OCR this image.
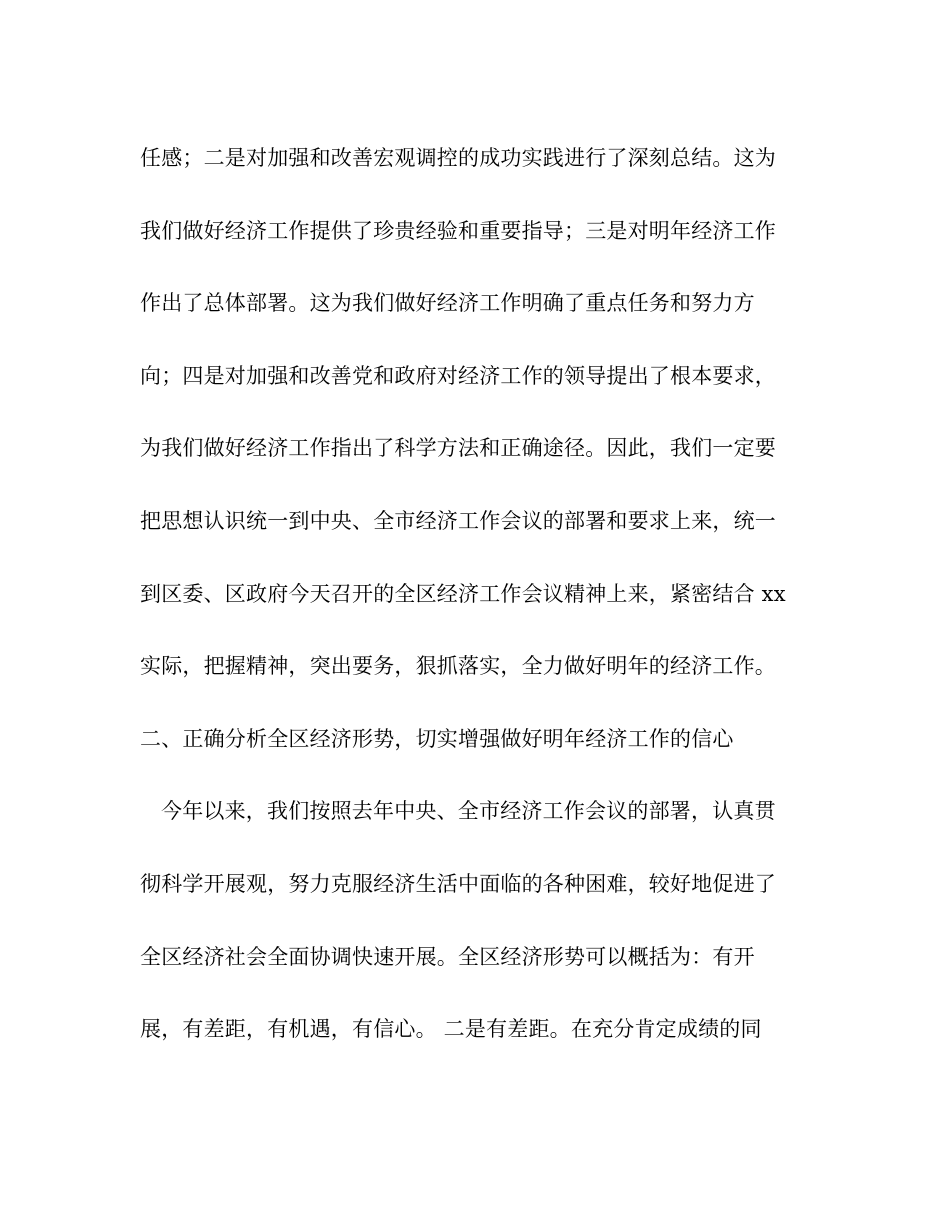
任感；二是对加强和改善宏观调控的成功实践进行了深刻总结。这为
我们做好经济工作提供了珍贵经验和重要指导；三是对明年经济工作
作出了总体部署。这为我们做好经济工作明确了重点任务和努力方
向；四是对加强和改善党和政府对经济工作的领导提出了根本要求，
为我们做好经济工作指出了科学方法和正确途径。因此，我们一定要
把思想认识统一到中央、全市经济工作会议的部署和要求上来，统一
到区委、区政府今天召开的全区经济工作会议精神上来，紧密结合 xx
实际，把握精神，突出要务，狠抓落实，全力做好明年的经济工作。
二、正确分析全区经济形势，切实增强做好明年经济工作的信心
今年以来，我们按照去年中央、全市经济工作会议的部署，认真贯
彻科学开展观，努力克服经济生活中面临的各种困难，较好地促进了
全区经济社会全面协调快速开展。全区经济形势可以概括为：有开
展，有差距，有机遇，有信心。 二是有差距。在充分肯定成绩的同
